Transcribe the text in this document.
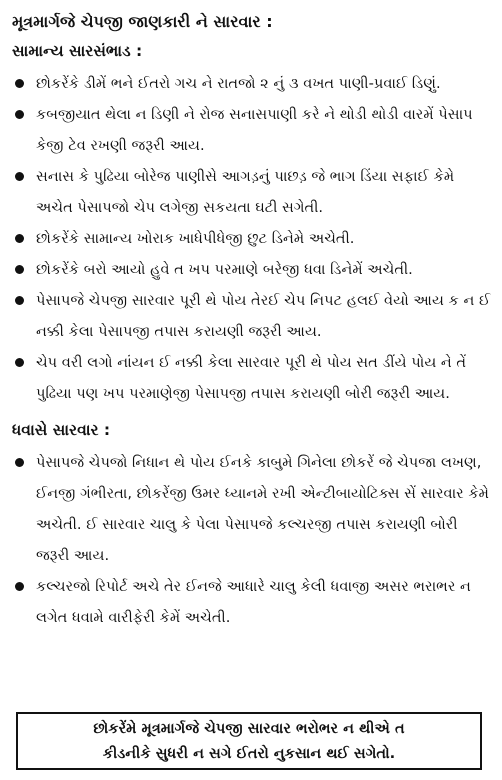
મૂત્રમાર્ગજે ચેપજી જાણકારી ને સારવાર :
સામાન્ય સારસંભાડ :
છોકરેંકે ડીમેં ભને ઈતરો ગચ ને રાતજો ૨ નું ૩ વખત પાણી-પ્રવાઈ ડિણું.
કબજીયાત થેલા ન ડિણી ને રોજ સનાસપાણી કરે ને થોડી થોડી વારમેં પેસાપ કેજી ટેવ રખણી જરૂરી આય.
સનાસ કે પુઢિયા બોરેજ પાણીસે આગડ઼નું પાછડ઼ જે ભાગ ડિંયા સફાઈ કેમે અચેત પેસાપજો ચેપ લગેજી સકયતા ઘટી સગેતી.
છોકરેંકે સામાન્ય ખોરાક ખાધેપીધેજી છુટ ડિનેમે અચેતી.
છોકરેંકે બરો આયો હુવે ત ખપ પરમાણે બરેજી ધવા ડિનેમેં અચેતી.
પેસાપજે ચેપજી સારવાર પૂરી થે પોય તેરઈ ચેપ નિપટ હલઈ વેયો આય ક ન ઈ નક્કી કેલા પેસાપજી તપાસ કરાયણી જરૂરી આય.
ચેપ વરી લગો નાંયન ઈ નક્કી કેલા સારવાર પૂરી થે પોય સત ડીંયે પોય ને તેં પુઢિયા પણ ખપ પરમાણેજી પેસાપજી તપાસ કરાયણી બોરી જરૂરી આય.
ધવાસે સારવાર :
પેસાપજે ચેપજો નિધાન થે પોય ઈનકે કાબુમે ગિનેલા છોકરેં જે ચેપજા લખણ, ઈનજી ગંભીરતા, છોકરેંજી ઉમર ધ્યાનમે રખી એન્ટીબાયોટિક્સ સેં સારવાર કેમે અચેતી. ઈ સારવાર ચાલુ કે પેલા પેસાપજે કલ્ચરજી તપાસ કરાયણી બોરી જરૂરી આય.
કલ્ચરજો રિપોર્ટ અચે તેર ઈનજે આધારે ચાલુ કેલી ધવાજી અસર ભરાભર ન લગેત ધવામે વારીફેરી કેમેં અચેતી.
છોકરેંમે મૂત્રમાર્ગજે ચેપજી સારવાર ભરોભર ન થીએ ત
કીડનીકે સુધરી ન સગે ઈતરો નુકસાન થઈ સગેતો.
